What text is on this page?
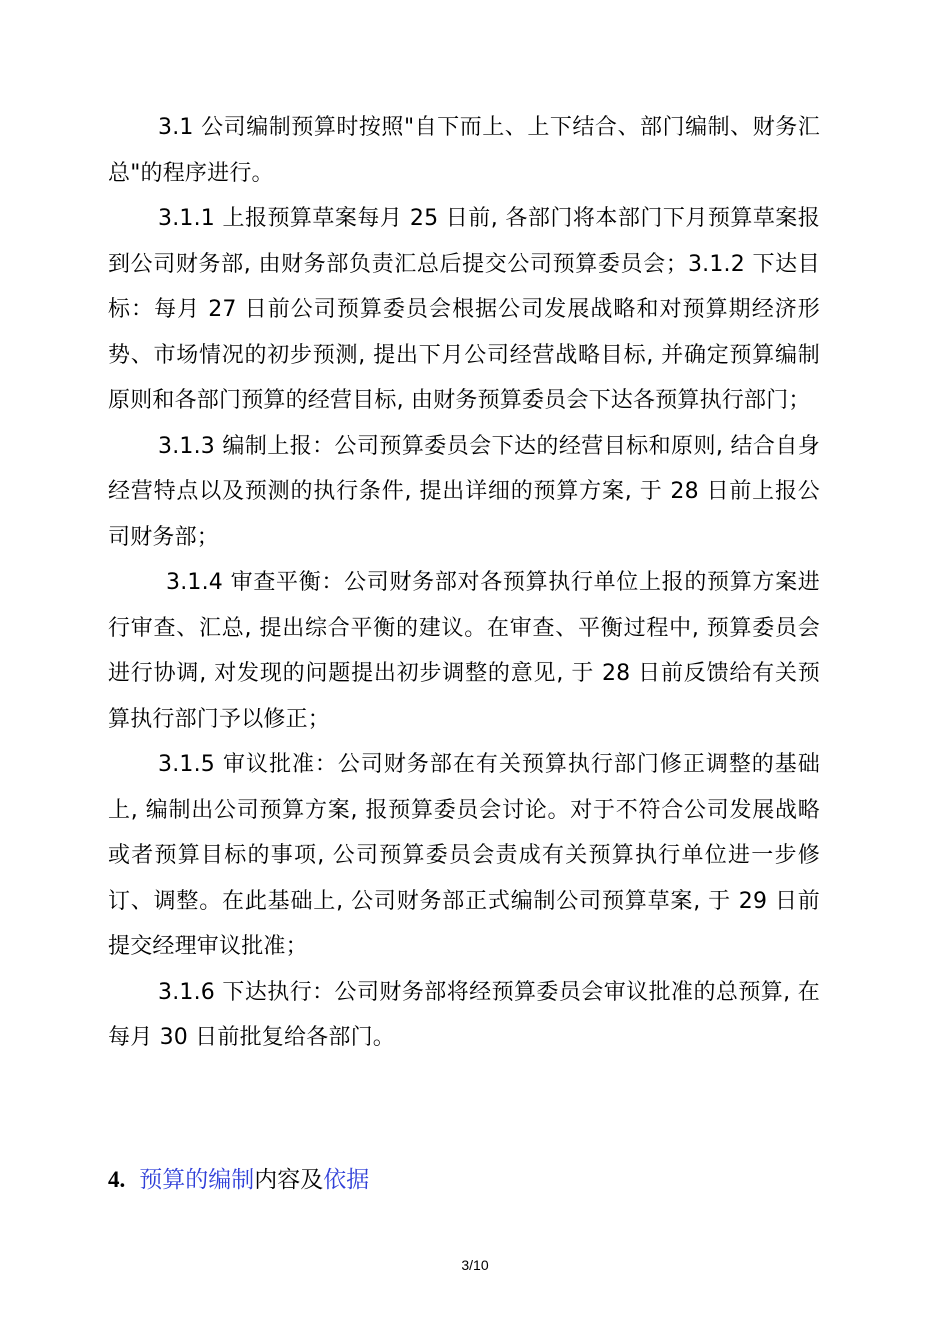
3.1 公司编制预算时按照"自下而上、上下结合、部门编制、财务汇总"的程序进行。

3.1.1 上报预算草案每月 25 日前, 各部门将本部门下月预算草案报到公司财务部, 由财务部负责汇总后提交公司预算委员会；3.1.2 下达目标：每月 27 日前公司预算委员会根据公司发展战略和对预算期经济形势、市场情况的初步预测, 提出下月公司经营战略目标, 并确定预算编制原则和各部门预算的经营目标, 由财务预算委员会下达各预算执行部门；

3.1.3 编制上报：公司预算委员会下达的经营目标和原则, 结合自身经营特点以及预测的执行条件, 提出详细的预算方案, 于 28 日前上报公司财务部；

3.1.4 审查平衡：公司财务部对各预算执行单位上报的预算方案进行审查、汇总, 提出综合平衡的建议。在审查、平衡过程中, 预算委员会进行协调, 对发现的问题提出初步调整的意见, 于 28 日前反馈给有关预算执行部门予以修正；

3.1.5 审议批准：公司财务部在有关预算执行部门修正调整的基础上, 编制出公司预算方案, 报预算委员会讨论。对于不符合公司发展战略或者预算目标的事项, 公司预算委员会责成有关预算执行单位进一步修订、调整。在此基础上, 公司财务部正式编制公司预算草案, 于 29 日前提交经理审议批准；

3.1.6 下达执行：公司财务部将经预算委员会审议批准的总预算, 在每月 30 日前批复给各部门。

4. 预算的编制内容及依据
3/10
